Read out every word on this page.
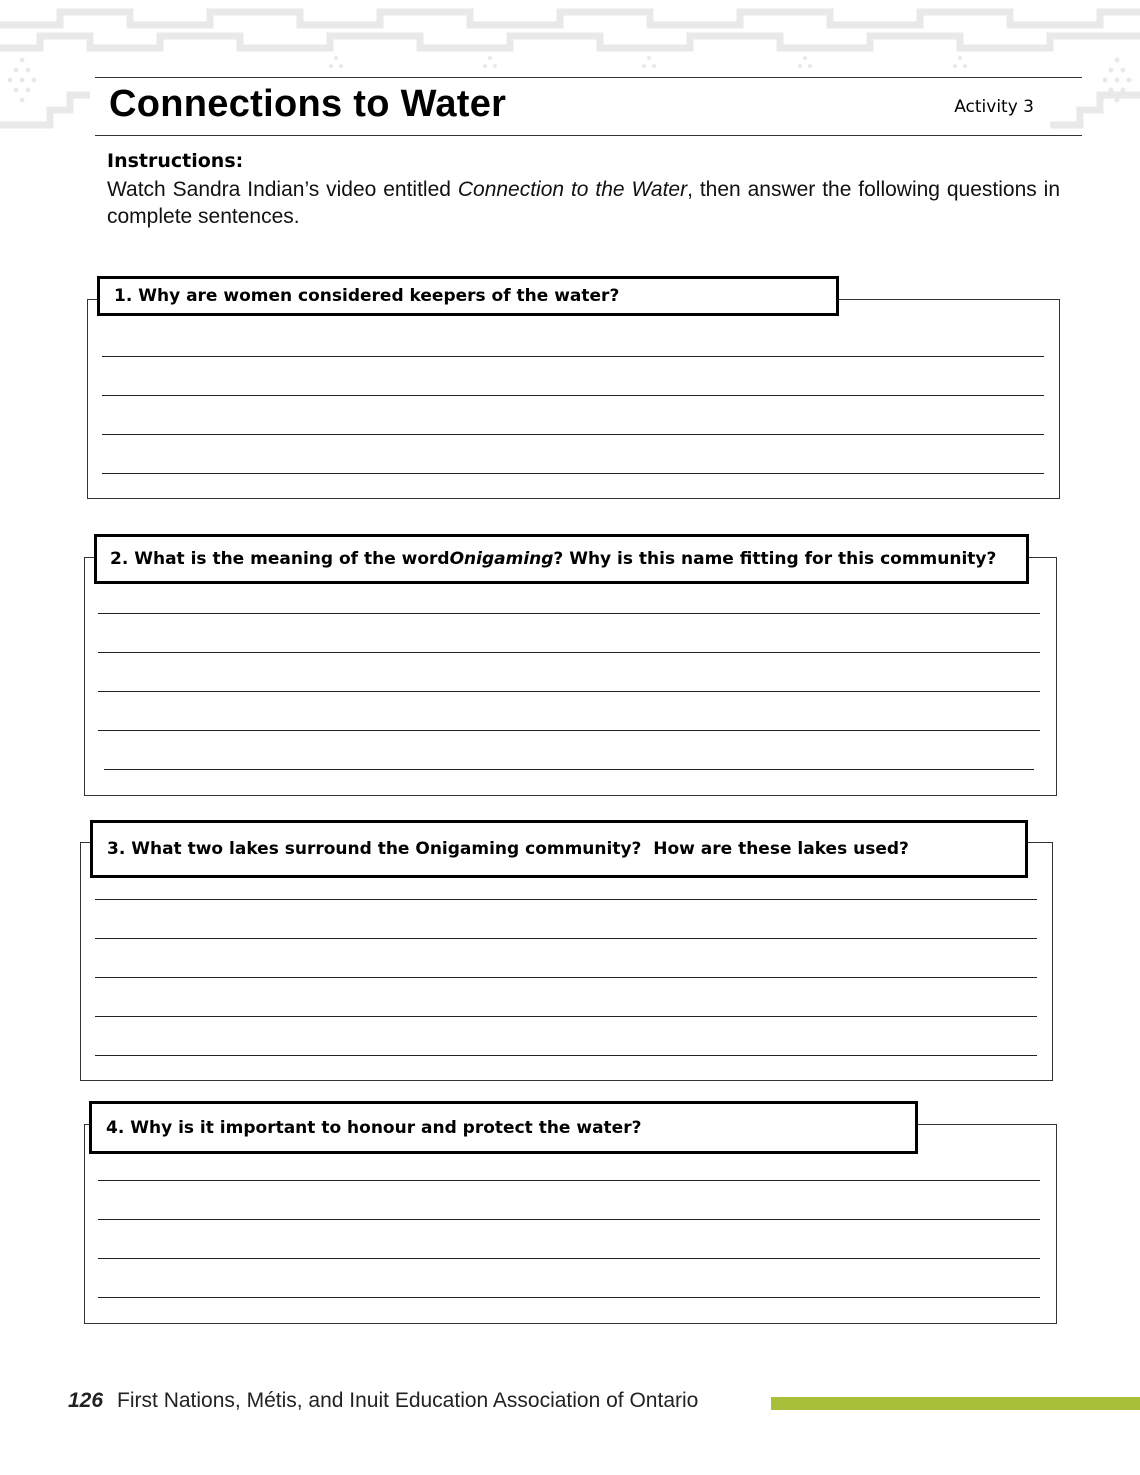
Connections to Water	Activity 3
Instructions:

Watch Sandra Indian’s video entitled Connection to the Water, then answer the following questions in complete sentences.

1.
Why are women considered keepers of the water?
2.
What is the meaning of the word Onigaming ? Why is this name fitting for this community?
3.
What two lakes surround the Onigaming community?  How are these lakes used?
4.
Why is it important to honour and protect the water?
126 First Nations, Métis, and Inuit Education Association of Ontario
